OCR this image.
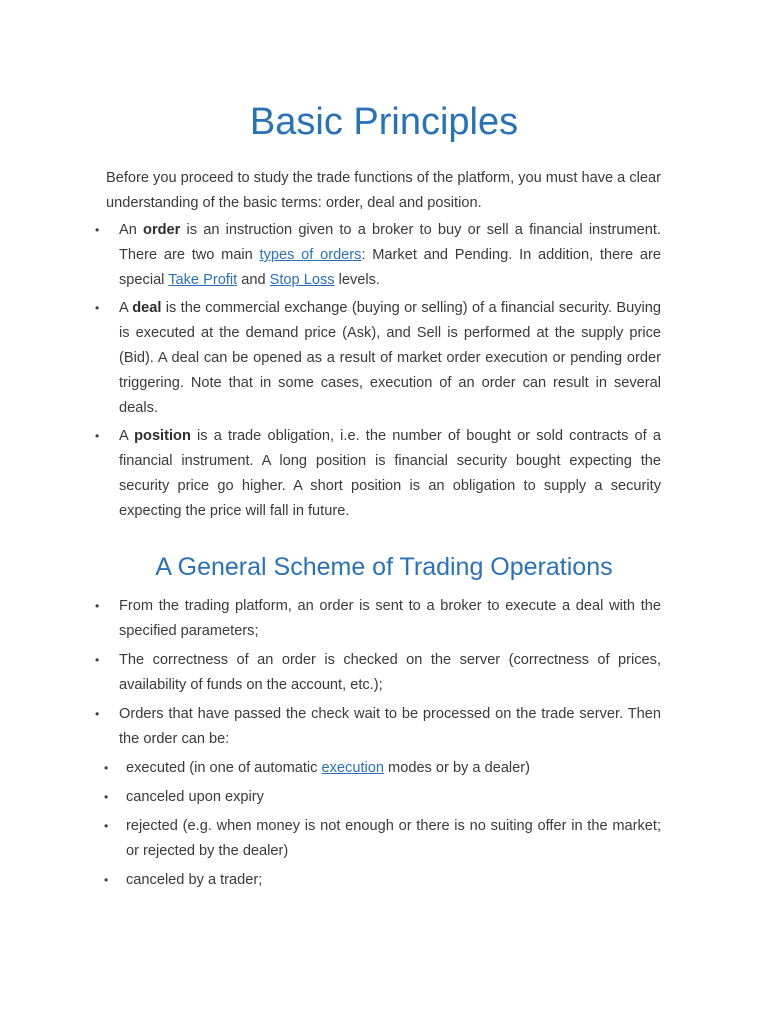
Basic Principles

Before you proceed to study the trade functions of the platform, you must have a clear understanding of the basic terms: order, deal and position.

• An order is an instruction given to a broker to buy or sell a financial instrument. There are two main types of orders: Market and Pending. In addition, there are special Take Profit and Stop Loss levels.
• A deal is the commercial exchange (buying or selling) of a financial security. Buying is executed at the demand price (Ask), and Sell is performed at the supply price (Bid). A deal can be opened as a result of market order execution or pending order triggering. Note that in some cases, execution of an order can result in several deals.
• A position is a trade obligation, i.e. the number of bought or sold contracts of a financial instrument. A long position is financial security bought expecting the security price go higher. A short position is an obligation to supply a security expecting the price will fall in future.
A General Scheme of Trading Operations
• From the trading platform, an order is sent to a broker to execute a deal with the specified parameters;
• The correctness of an order is checked on the server (correctness of prices, availability of funds on the account, etc.);
• Orders that have passed the check wait to be processed on the trade server. Then the order can be:
• executed (in one of automatic execution modes or by a dealer)
• canceled upon expiry
• rejected (e.g. when money is not enough or there is no suiting offer in the market; or rejected by the dealer)
• canceled by a trader;
